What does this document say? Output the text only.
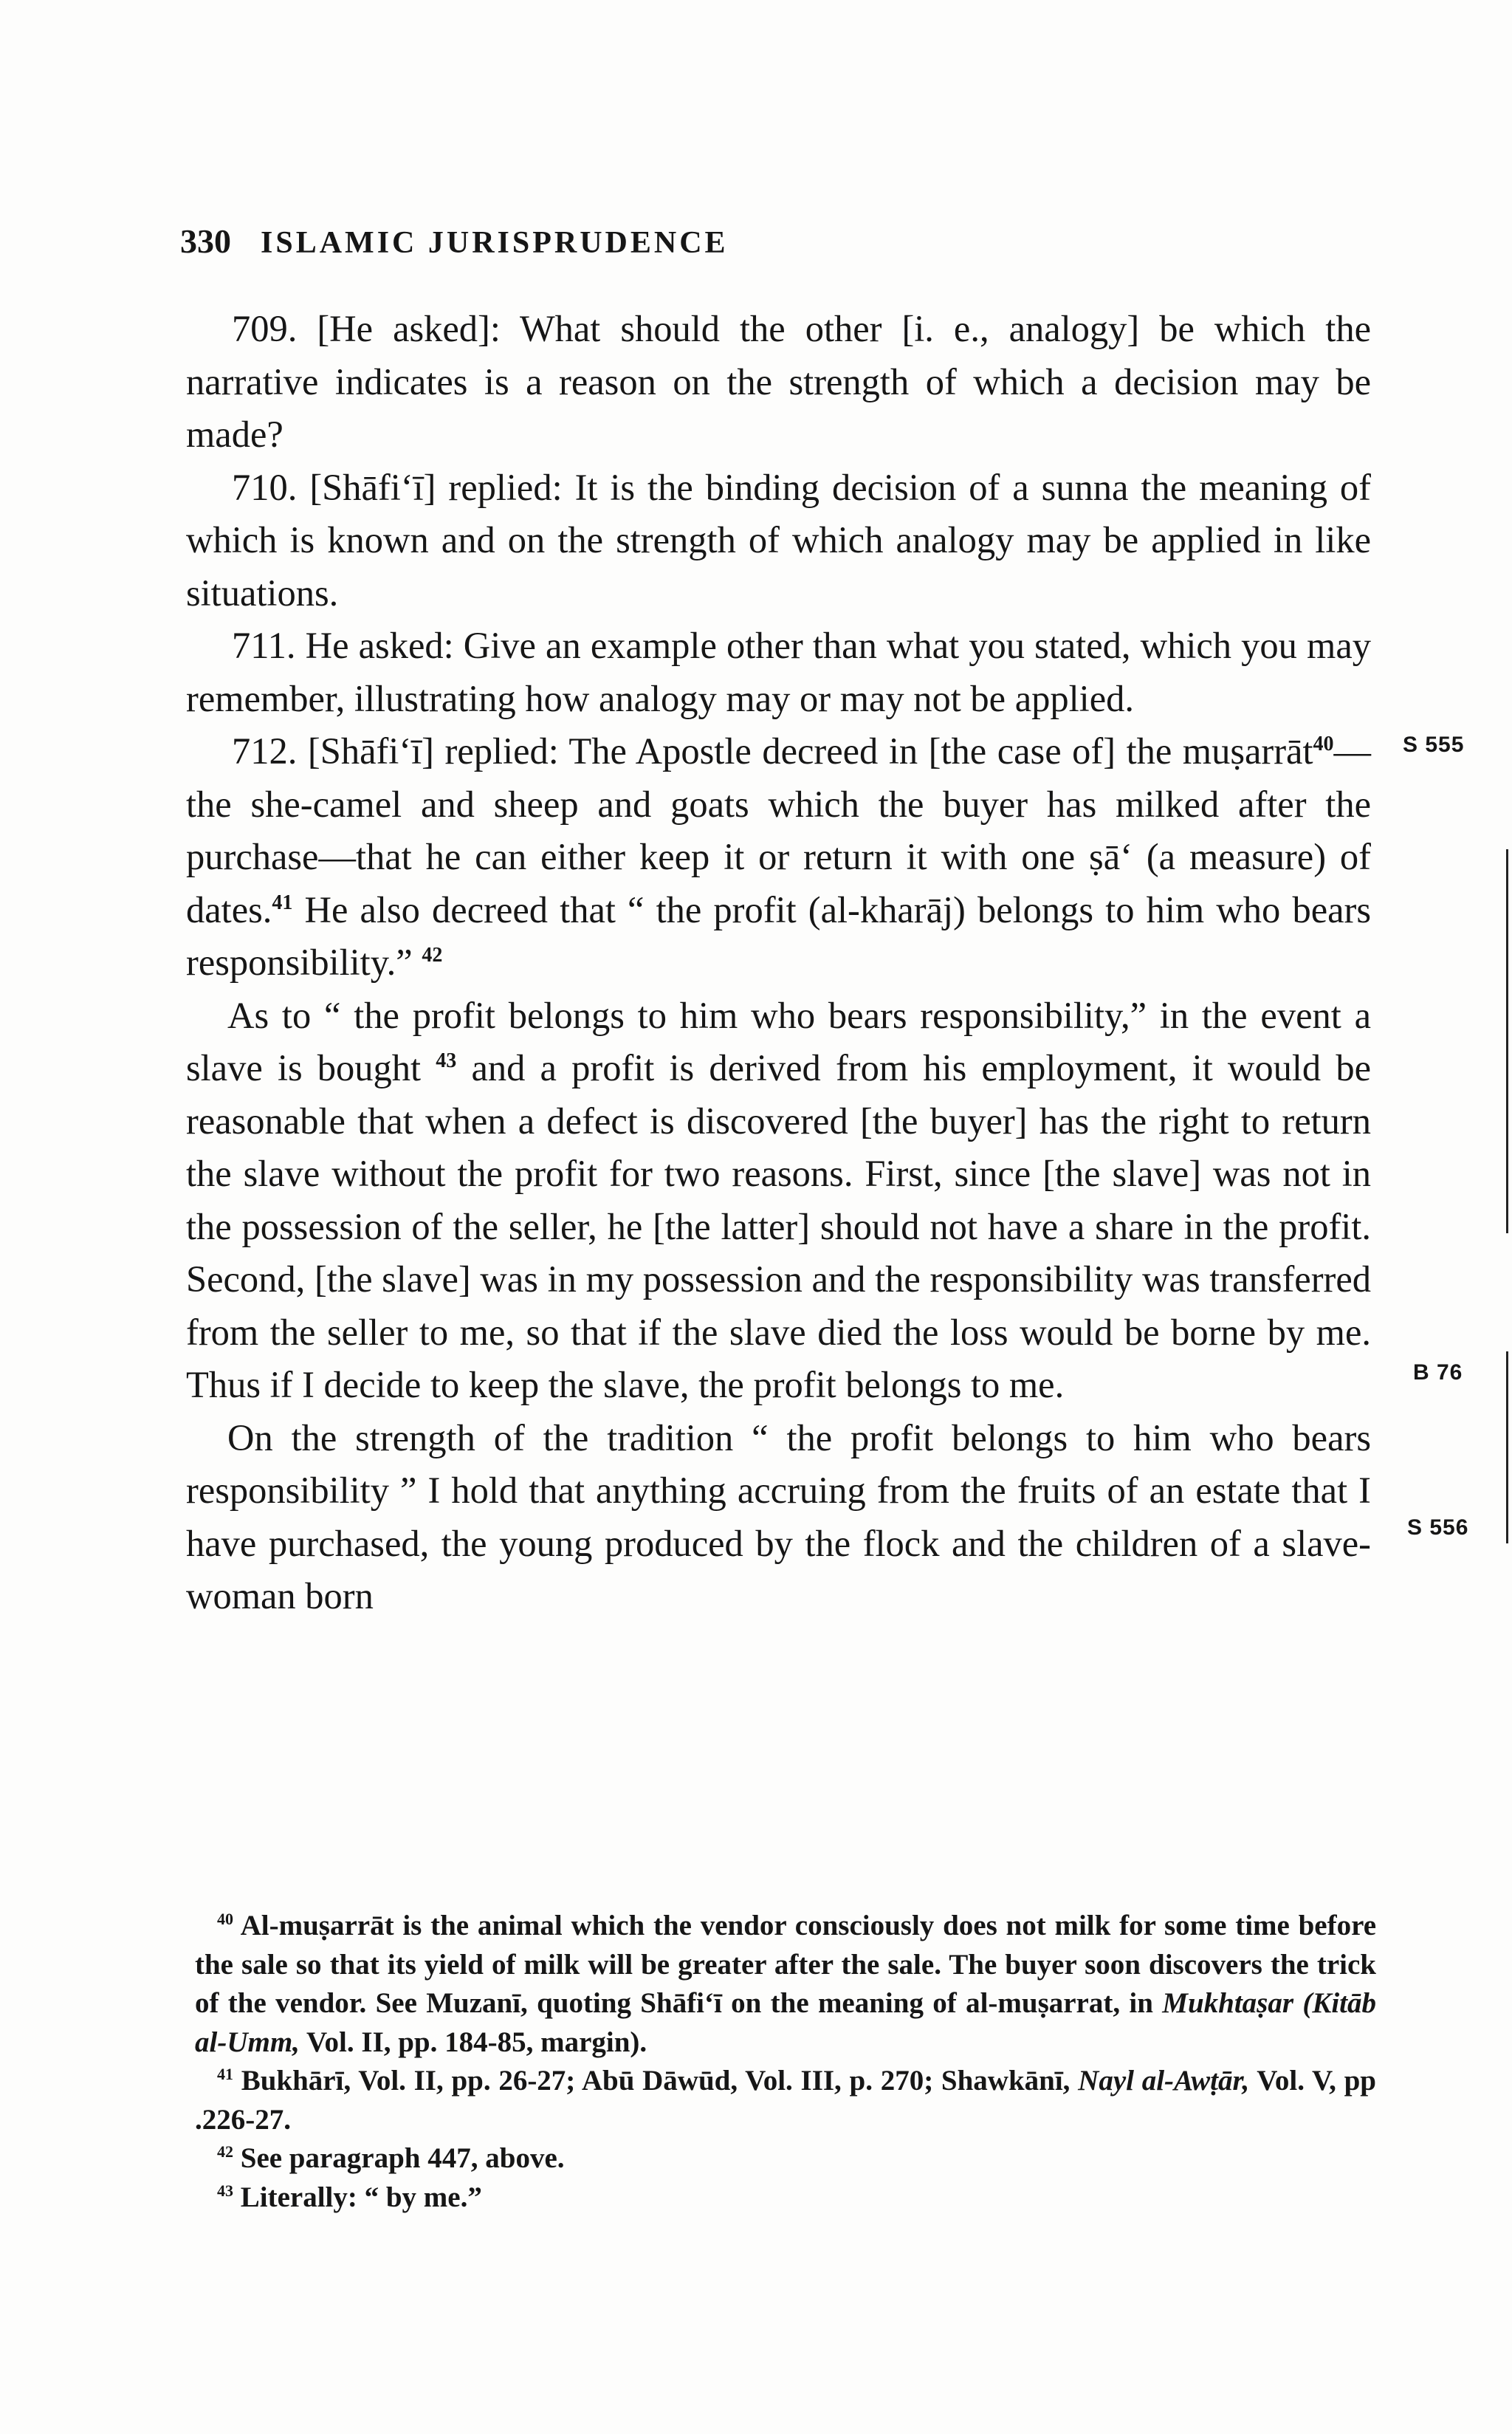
330 ISLAMIC JURISPRUDENCE

709. [He asked]: What should the other [i. e., analogy] be which the narrative indicates is a reason on the strength of which a decision may be made?

710. [Shāfi‘ī] replied: It is the binding decision of a sunna the meaning of which is known and on the strength of which analogy may be applied in like situations.

711. He asked: Give an example other than what you stated, which you may remember, illustrating how analogy may or may not be applied.

712. [Shāfi‘ī] replied: The Apostle decreed in [the case of] the muṣarrāt$^{40}$—the she-camel and sheep and goats which the buyer has milked after the purchase—that he can either keep it or return it with one ṣā‘ (a measure) of dates.$^{41}$ He also decreed that “ the profit (al-kharāj) belongs to him who bears responsibility.” $^{42}$

As to “ the profit belongs to him who bears responsibility,” in the event a slave is bought $^{43}$ and a profit is derived from his employment, it would be reasonable that when a defect is discovered [the buyer] has the right to return the slave without the profit for two reasons. First, since [the slave] was not in the possession of the seller, he [the latter] should not have a share in the profit. Second, [the slave] was in my possession and the responsibility was transferred from the seller to me, so that if the slave died the loss would be borne by me. Thus if I decide to keep the slave, the profit belongs to me.

On the strength of the tradition “ the profit belongs to him who bears responsibility ” I hold that anything accruing from the fruits of an estate that I have purchased, the young produced by the flock and the children of a slave-woman born

S 555
B 76
S 556

$^{40}$ Al-muṣarrāt is the animal which the vendor consciously does not milk for some time before the sale so that its yield of milk will be greater after the sale. The buyer soon discovers the trick of the vendor. See Muzanī, quoting Shāfi‘ī on the meaning of al-muṣarrat, in Mukhtaṣar (Kitāb al-Umm, Vol. II, pp. 184-85, margin).

$^{41}$ Bukhārī, Vol. II, pp. 26-27; Abū Dāwūd, Vol. III, p. 270; Shawkānī, Nayl al-Awṭār, Vol. V, pp .226-27.

$^{42}$ See paragraph 447, above.

$^{43}$ Literally: “ by me.”
